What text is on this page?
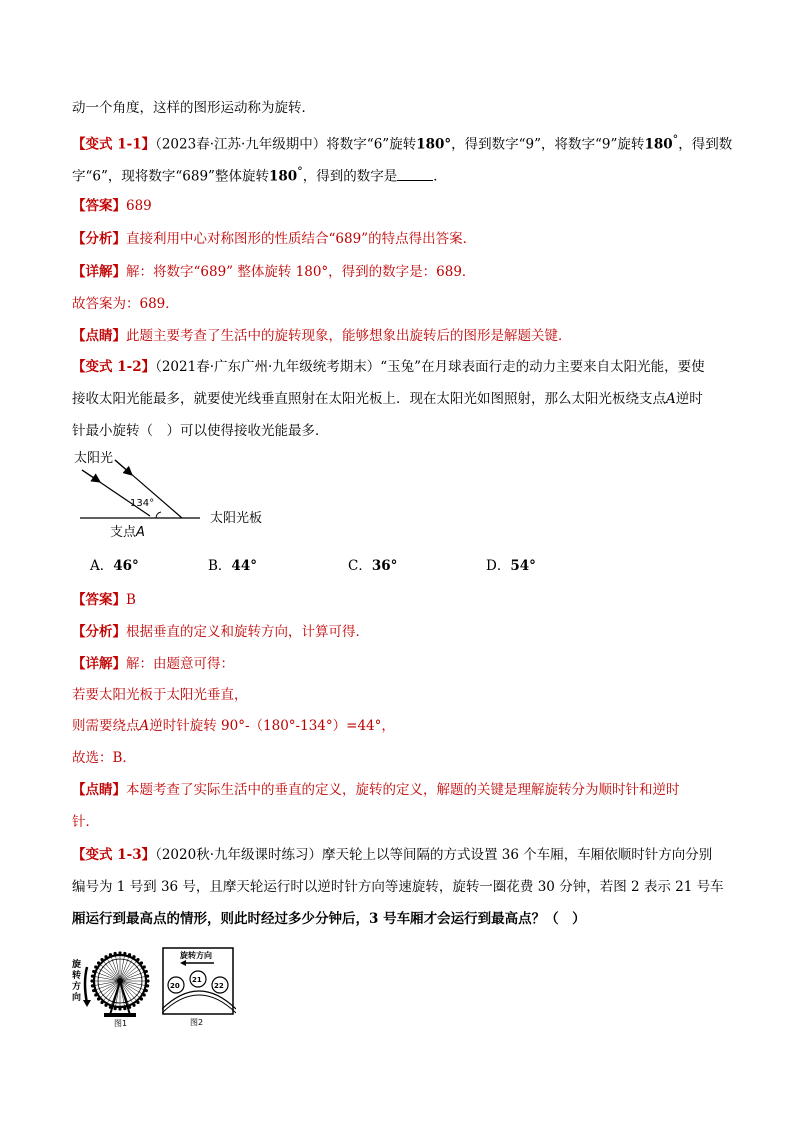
动一个角度，这样的图形运动称为旋转．
【变式 1-1】（2023春·江苏·九年级期中）将数字“6”旋转180°，得到数字“9”，将数字“9”旋转180°，得到数
字“6”，现将数字“689”整体旋转180°，得到的数字是	．
【答案】689
【分析】直接利用中心对称图形的性质结合“689”的特点得出答案．
【详解】解：将数字“689” 整体旋转 180°，得到的数字是：689．
故答案为：689．
【点睛】此题主要考查了生活中的旋转现象，能够想象出旋转后的图形是解题关键．
【变式 1-2】（2021春·广东广州·九年级统考期末）“玉兔”在月球表面行走的动力主要来自太阳光能，要使
接收太阳光能最多，就要使光线垂直照射在太阳光板上．现在太阳光如图照射，那么太阳光板绕支点A逆时
针最小旋转（　）可以使得接收光能最多．
太阳光
134°
支点A
太阳光板
A．46°	B．44°	C．36°	D．54°
【答案】B
【分析】根据垂直的定义和旋转方向，计算可得．
【详解】解：由题意可得：
若要太阳光板于太阳光垂直，
则需要绕点A逆时针旋转 90°-（180°-134°）=44°，
故选：B．
【点睛】本题考查了实际生活中的垂直的定义，旋转的定义，解题的关键是理解旋转分为顺时针和逆时
针．
【变式 1-3】（2020秋·九年级课时练习）摩天轮上以等间隔的方式设置 36 个车厢，车厢依顺时针方向分别
编号为 1 号到 36 号，且摩天轮运行时以逆时针方向等速旋转，旋转一圈花费 30 分钟，若图 2 表示 21 号车
厢运行到最高点的情形，则此时经过多少分钟后，3 号车厢才会运行到最高点？（　）
旋
转
方
向
图1
旋转方向
20
21
22
图2
